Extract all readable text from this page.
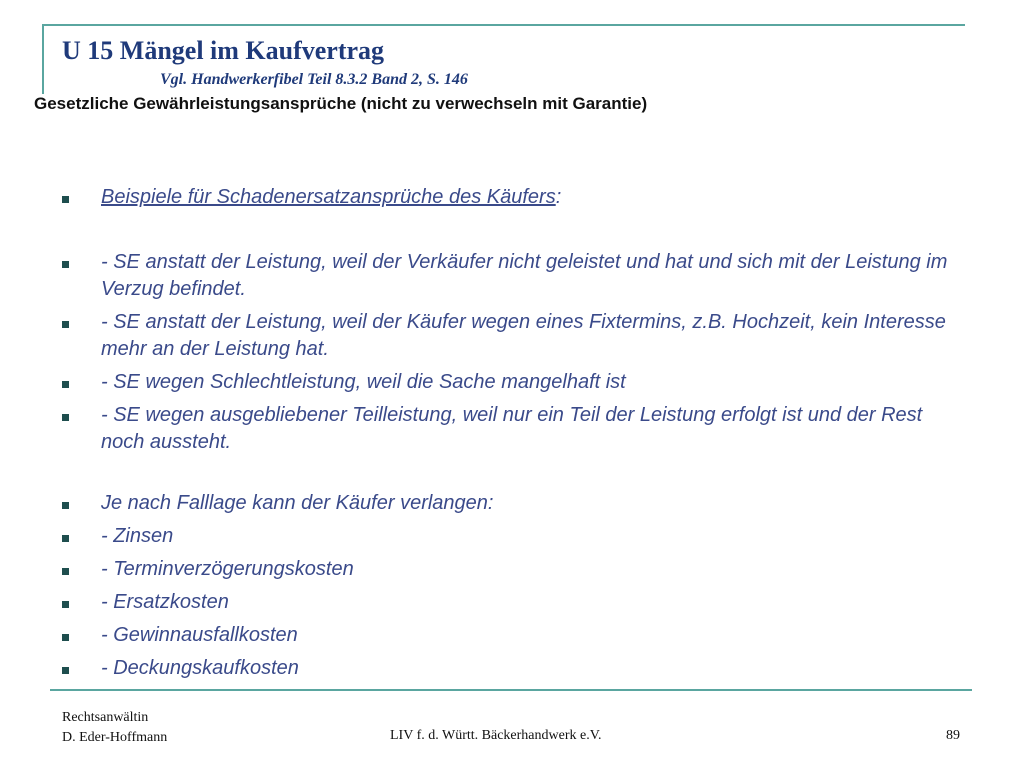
U 15 Mängel im Kaufvertrag
Vgl. Handwerkerfibel Teil 8.3.2 Band 2, S. 146
Gesetzliche Gewährleistungsansprüche (nicht zu verwechseln mit Garantie)
Beispiele für Schadenersatzansprüche des Käufers:
- SE anstatt der Leistung, weil der Verkäufer nicht geleistet und hat und sich mit der Leistung im Verzug befindet.
- SE anstatt der Leistung, weil der Käufer wegen eines Fixtermins, z.B. Hochzeit, kein Interesse mehr an der Leistung hat.
- SE wegen Schlechtleistung, weil die Sache mangelhaft ist
- SE wegen ausgebliebener Teilleistung, weil nur ein Teil der Leistung erfolgt ist und der Rest noch aussteht.
Je nach Falllage kann der Käufer verlangen:
- Zinsen
- Terminverzögerungskosten
- Ersatzkosten
- Gewinnausfallkosten
- Deckungskaufkosten
Rechtsanwältin
D. Eder-Hoffmann	LIV f. d. Württ. Bäckerhandwerk e.V.	89
